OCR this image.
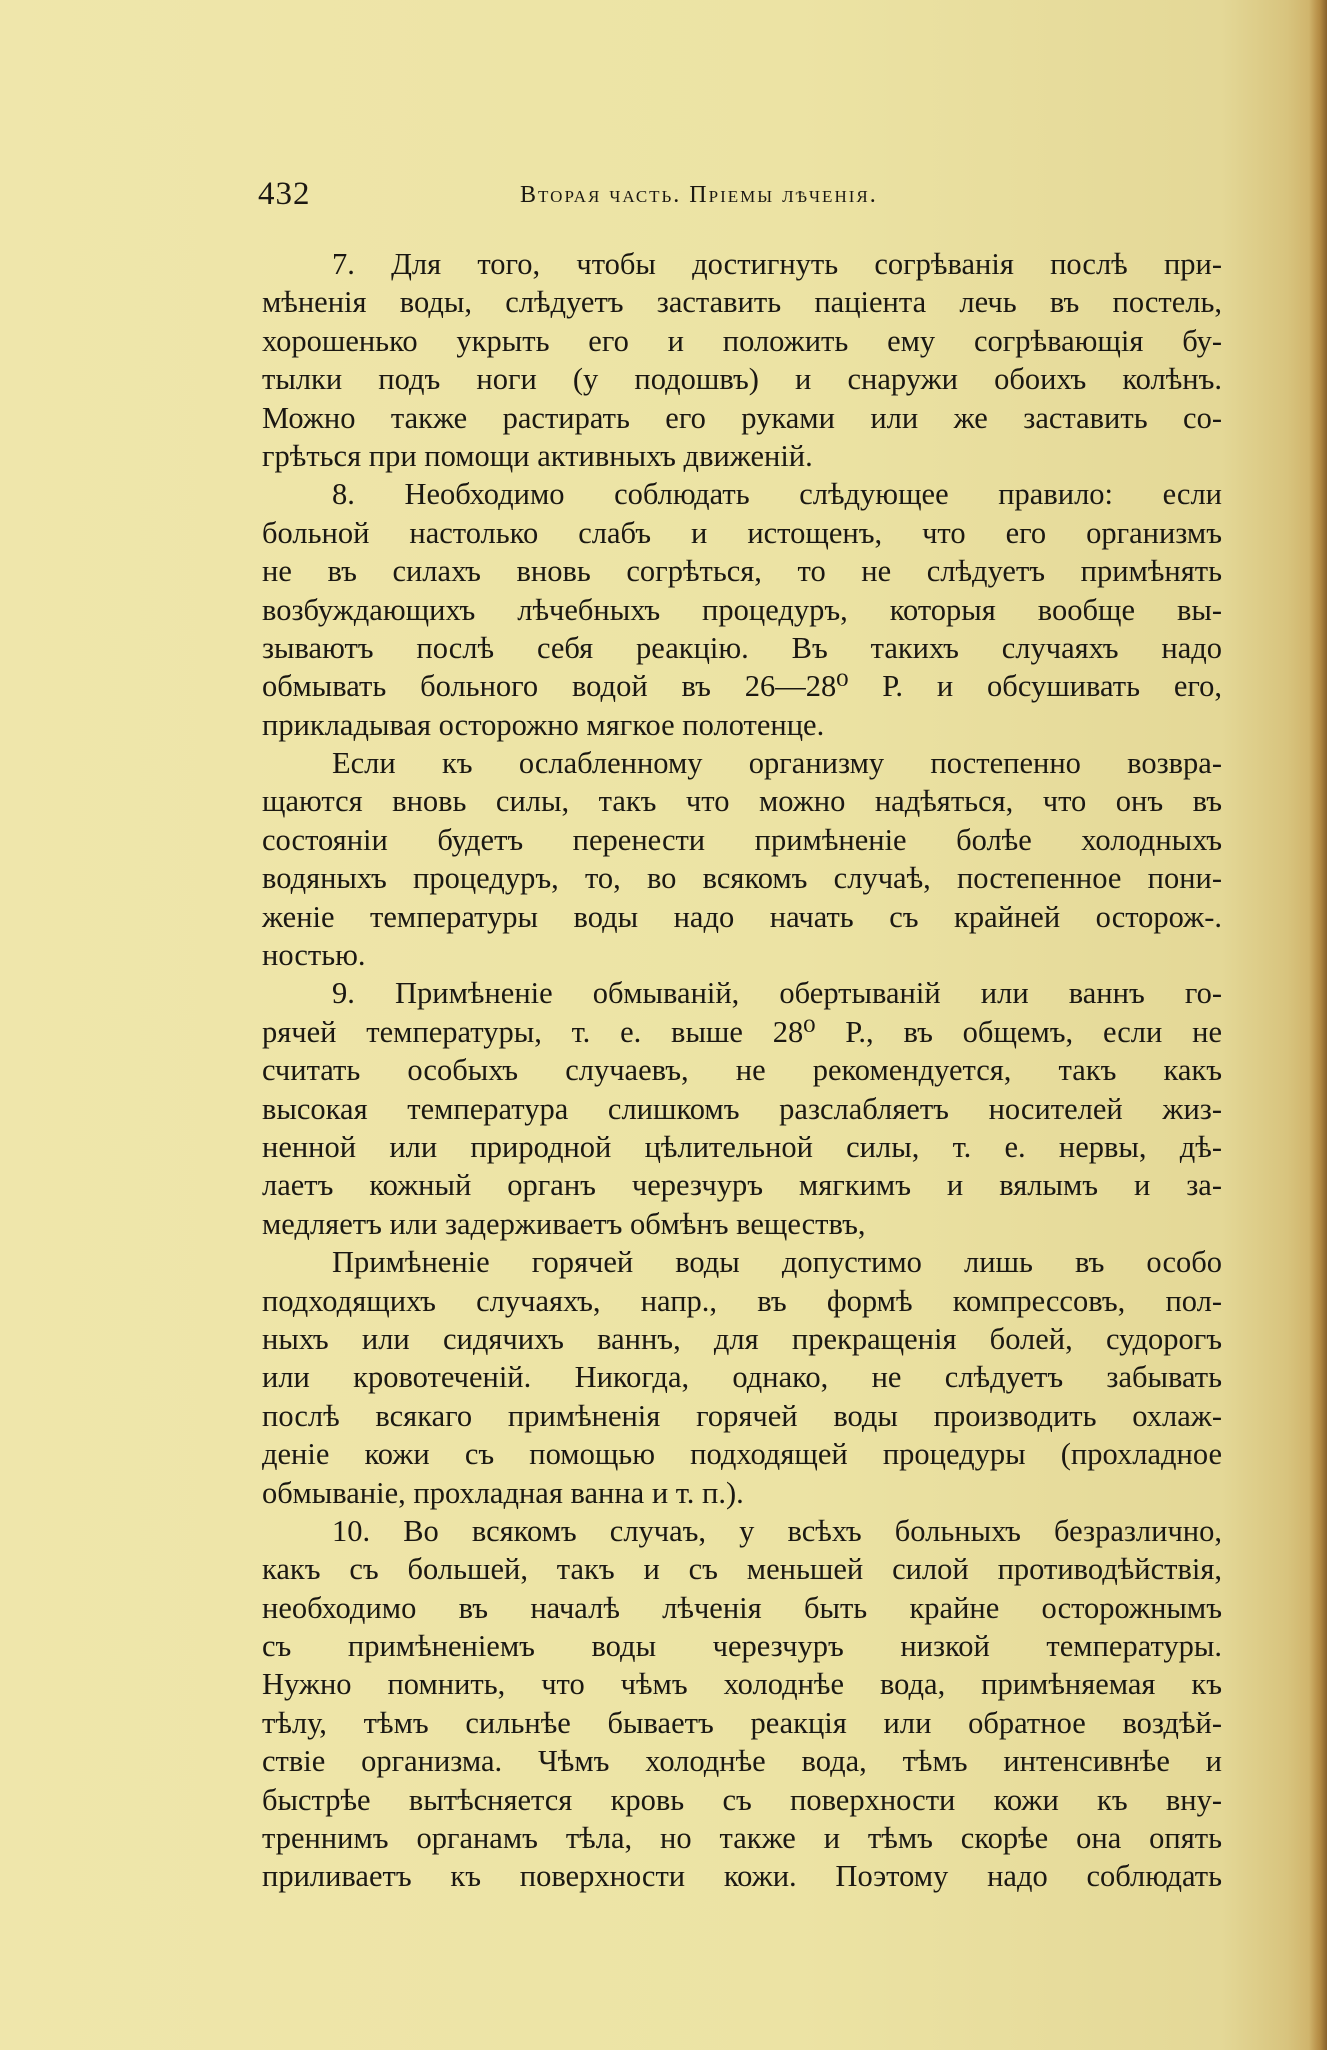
432	Вторая часть. Пріемы лѣченія.
7. Для того, чтобы достигнуть согрѣванія послѣ при-
мѣненія воды, слѣдуетъ заставить паціента лечь въ постель,
хорошенько укрыть его и положить ему согрѣвающія бу-
тылки подъ ноги (у подошвъ) и снаружи обоихъ колѣнъ.
Можно также растирать его руками или же заставить со-
грѣться при помощи активныхъ движеній.
8. Необходимо соблюдать слѣдующее правило: если
больной настолько слабъ и истощенъ, что его организмъ
не въ силахъ вновь согрѣться, то не слѣдуетъ примѣнять
возбуждающихъ лѣчебныхъ процедуръ, которыя вообще вы-
зываютъ послѣ себя реакцію. Въ такихъ случаяхъ надо
обмывать больного водой въ 26—28⁰ Р. и обсушивать его,
прикладывая осторожно мягкое полотенце.
Если къ ослабленному организму постепенно возвра-
щаются вновь силы, такъ что можно надѣяться, что онъ въ
состояніи будетъ перенести примѣненіе болѣе холодныхъ
водяныхъ процедуръ, то, во всякомъ случаѣ, постепенное пони-
женіе температуры воды надо начать съ крайней осторож-.
ностью.
9. Примѣненіе обмываній, обертываній или ваннъ го-
рячей температуры, т. е. выше 28⁰ Р., въ общемъ, если не
считать особыхъ случаевъ, не рекомендуется, такъ какъ
высокая температура слишкомъ разслабляетъ носителей жиз-
ненной или природной цѣлительной силы, т. е. нервы, дѣ-
лаетъ кожный органъ черезчуръ мягкимъ и вялымъ и за-
медляетъ или задерживаетъ обмѣнъ веществъ,
Примѣненіе горячей воды допустимо лишь въ особо
подходящихъ случаяхъ, напр., въ формѣ компрессовъ, пол-
ныхъ или сидячихъ ваннъ, для прекращенія болей, судорогъ
или кровотеченій. Никогда, однако, не слѣдуетъ забывать
послѣ всякаго примѣненія горячей воды производить охлаж-
деніе кожи съ помощью подходящей процедуры (прохладное
обмываніе, прохладная ванна и т. п.).
10. Во всякомъ случаъ, у всѣхъ больныхъ безразлично,
какъ съ большей, такъ и съ меньшей силой противодѣйствія,
необходимо въ началѣ лѣченія быть крайне осторожнымъ
съ примѣненіемъ воды черезчуръ низкой температуры.
Нужно помнить, что чѣмъ холоднѣе вода, примѣняемая къ
тѣлу, тѣмъ сильнѣе бываетъ реакція или обратное воздѣй-
ствіе организма. Чѣмъ холоднѣе вода, тѣмъ интенсивнѣе и
быстрѣе вытѣсняется кровь съ поверхности кожи къ вну-
треннимъ органамъ тѣла, но также и тѣмъ скорѣе она опять
приливаетъ къ поверхности кожи. Поэтому надо соблюдать
